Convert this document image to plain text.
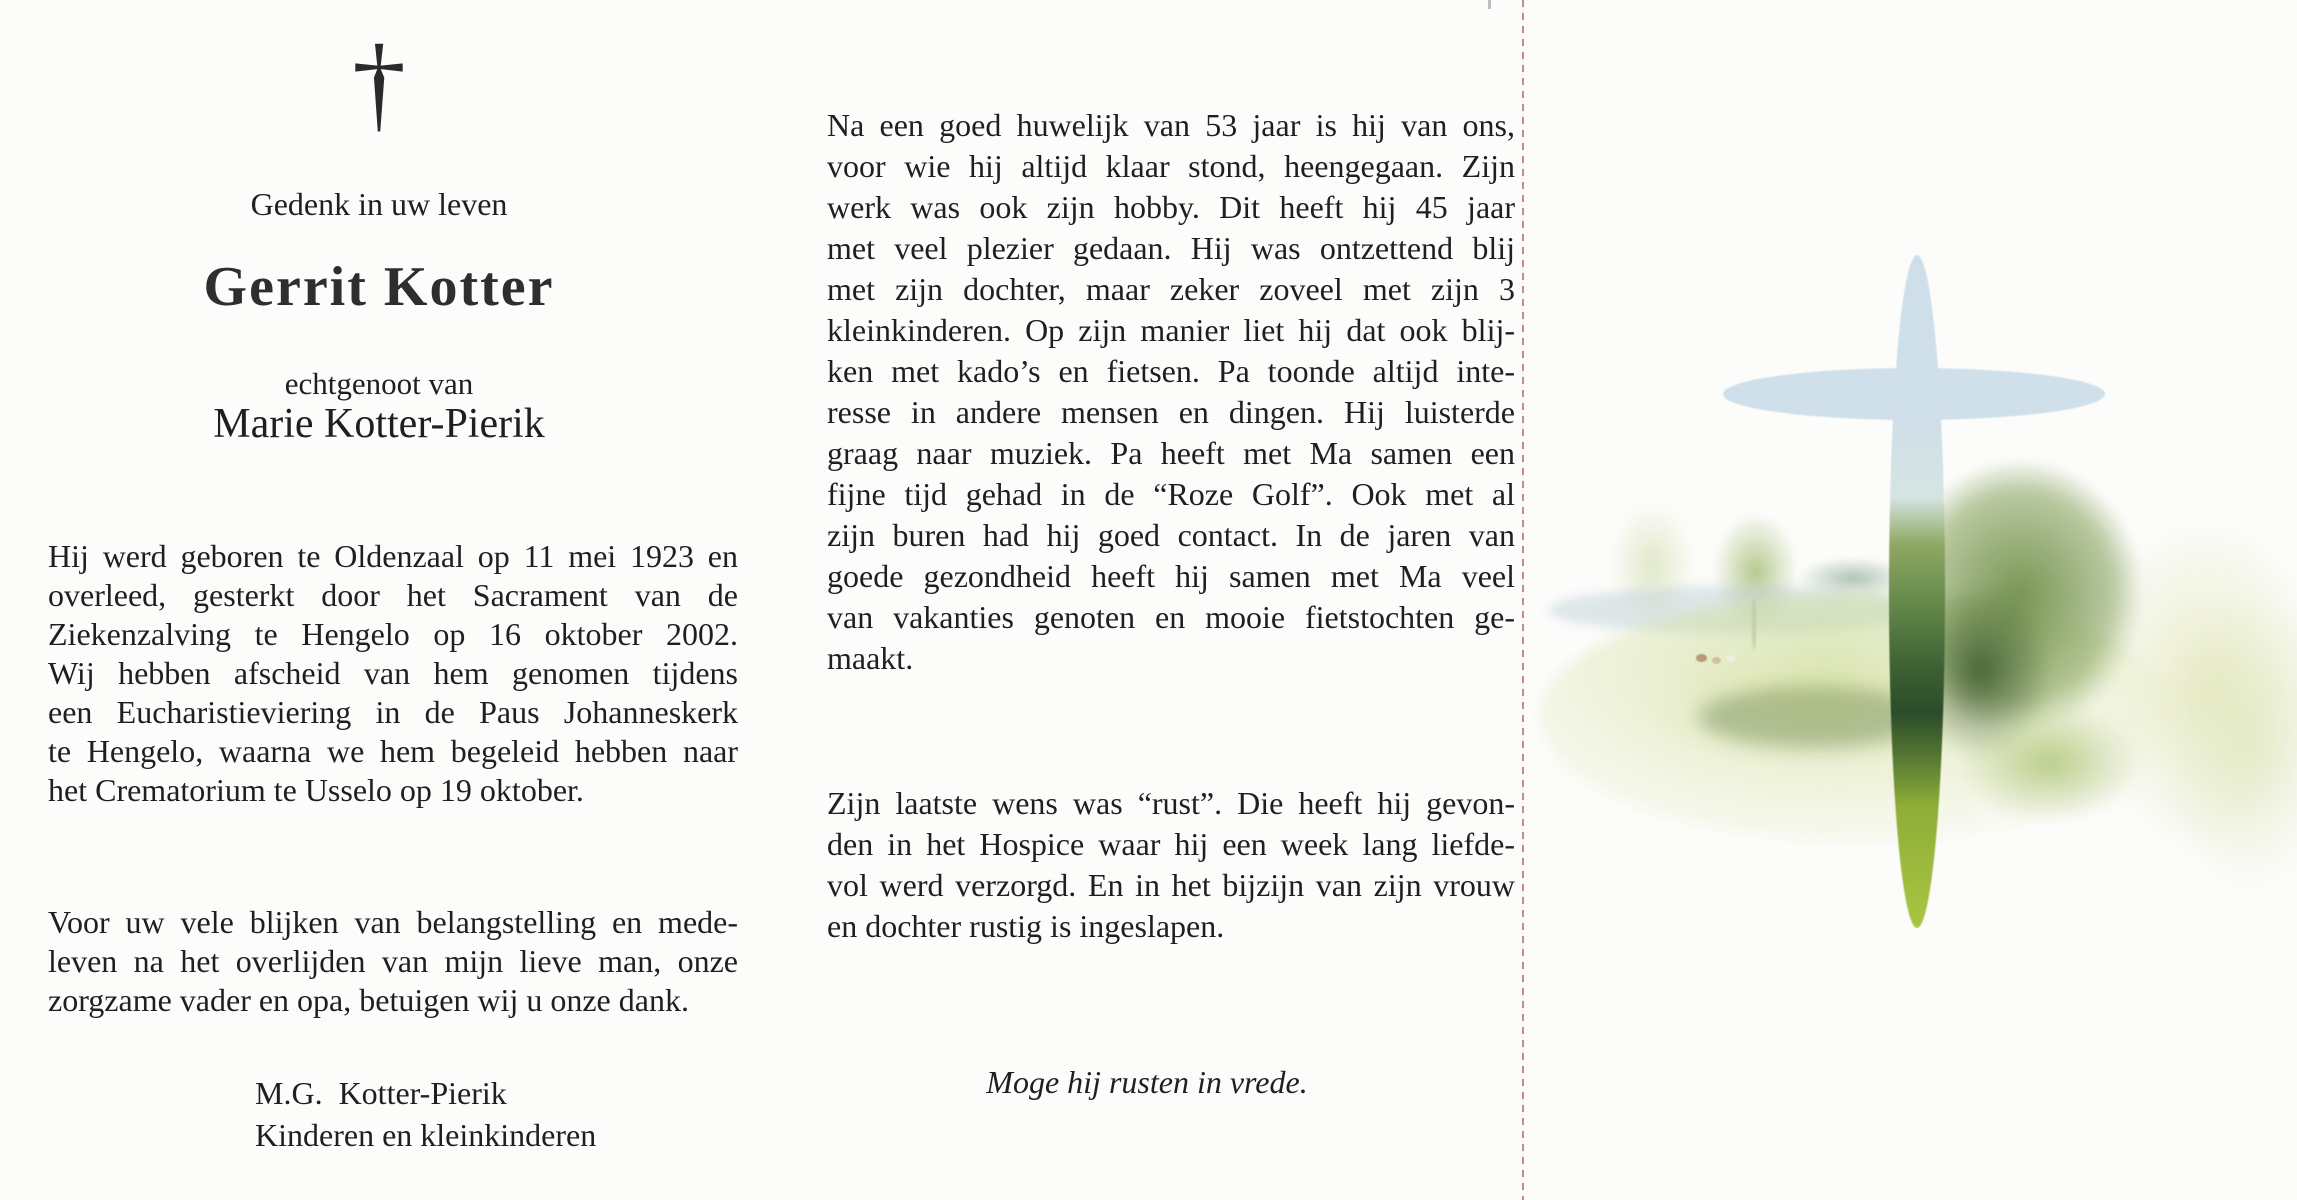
†
Gedenk in uw leven
Gerrit Kotter
echtgenoot van
Marie Kotter-Pierik
Hij werd geboren te Oldenzaal op 11 mei 1923 en
overleed, gesterkt door het Sacrament van de
Ziekenzalving te Hengelo op 16 oktober 2002.
Wij hebben afscheid van hem genomen tijdens
een Eucharistieviering in de Paus Johanneskerk
te Hengelo, waarna we hem begeleid hebben naar
het Crematorium te Usselo op 19 oktober.
Voor uw vele blijken van belangstelling en mede-
leven na het overlijden van mijn lieve man, onze
zorgzame vader en opa, betuigen wij u onze dank.
M.G.  Kotter-Pierik
Kinderen en kleinkinderen
Na een goed huwelijk van 53 jaar is hij van ons,
voor wie hij altijd klaar stond, heengegaan. Zijn
werk was ook zijn hobby. Dit heeft hij 45 jaar
met veel plezier gedaan. Hij was ontzettend blij
met zijn dochter, maar zeker zoveel met zijn 3
kleinkinderen. Op zijn manier liet hij dat ook blij-
ken met kado’s en fietsen. Pa toonde altijd inte-
resse in andere mensen en dingen. Hij luisterde
graag naar muziek. Pa heeft met Ma samen een
fijne tijd gehad in de “Roze Golf”. Ook met al
zijn buren had hij goed contact. In de jaren van
goede gezondheid heeft hij samen met Ma veel
van vakanties genoten en mooie fietstochten ge-
maakt.
Zijn laatste wens was “rust”. Die heeft hij gevon-
den in het Hospice waar hij een week lang liefde-
vol werd verzorgd. En in het bijzijn van zijn vrouw
en dochter rustig is ingeslapen.
Moge hij rusten in vrede.
